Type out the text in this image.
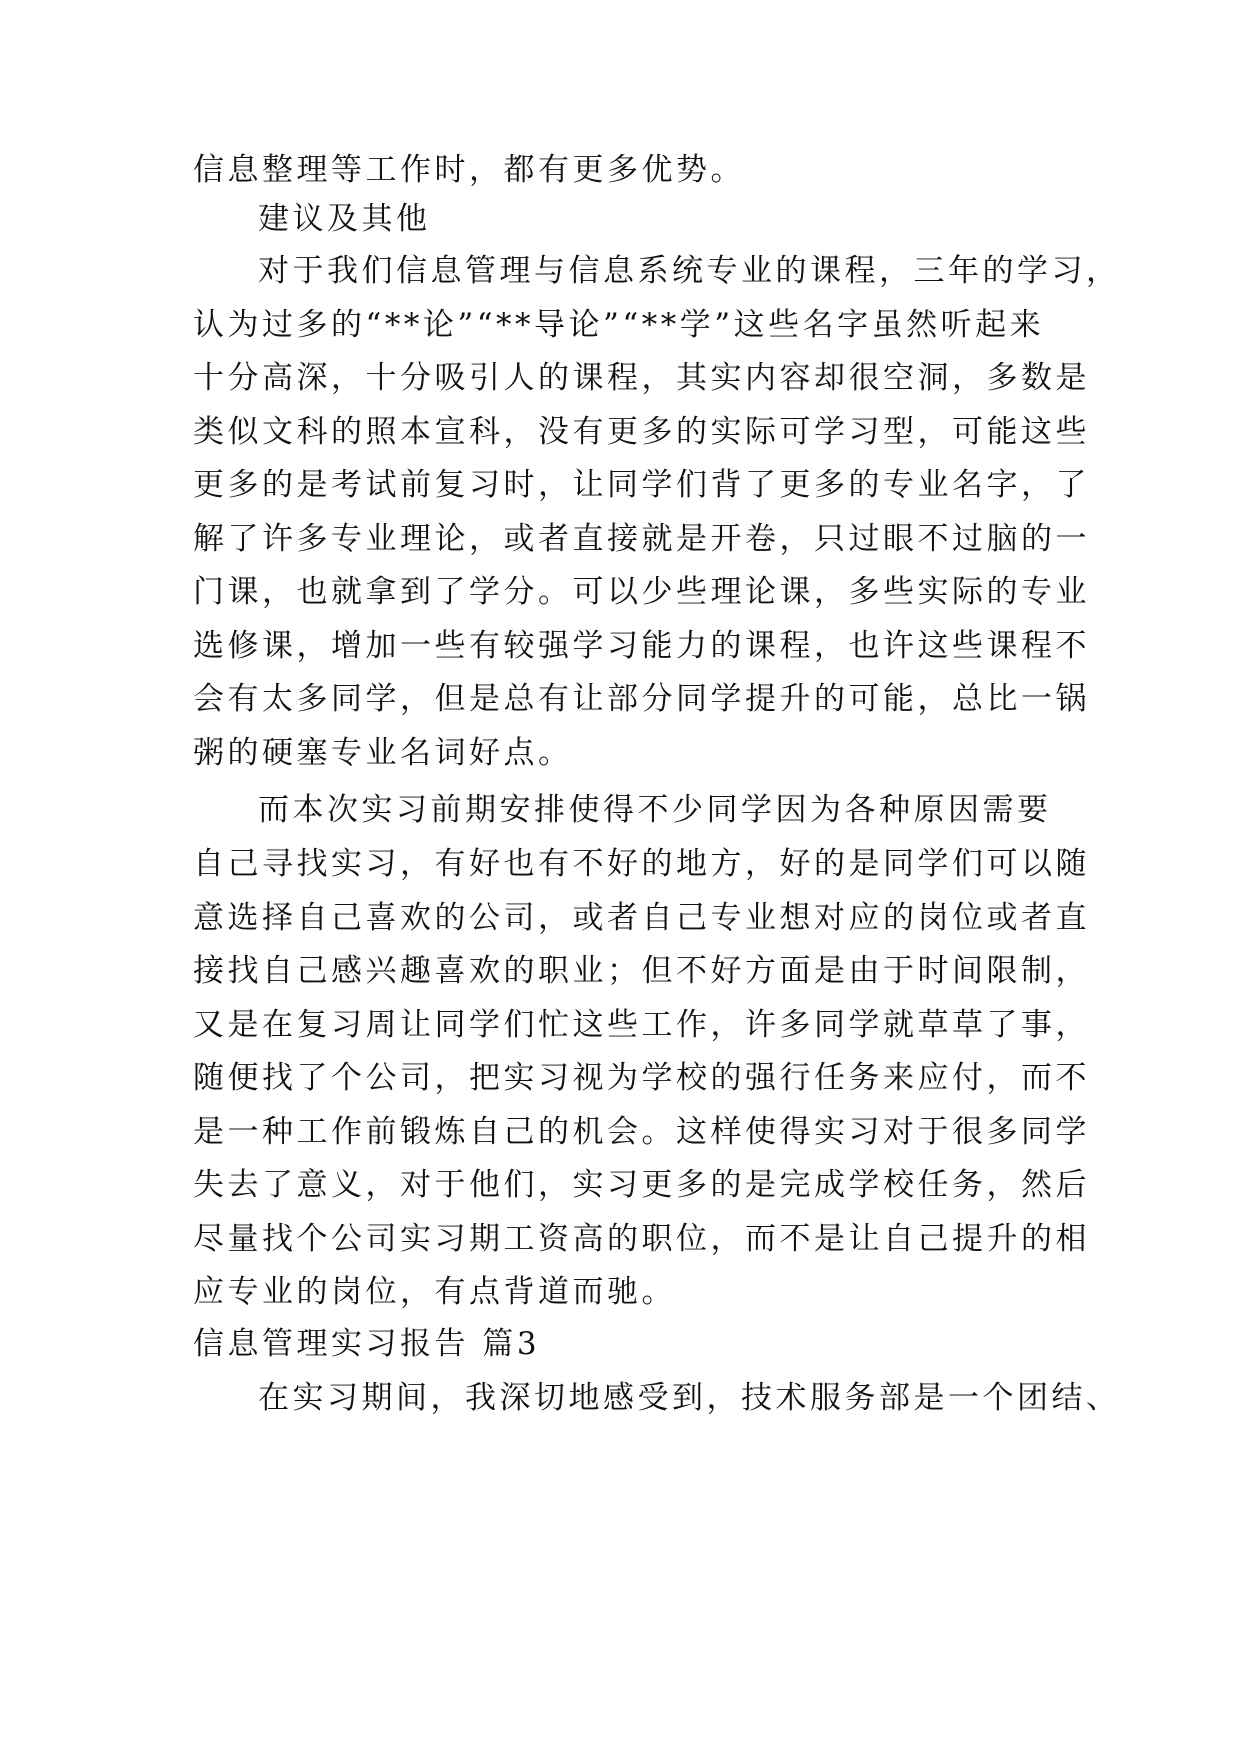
信息整理等工作时，都有更多优势。

建议及其他

对于我们信息管理与信息系统专业的课程，三年的学习，

认为过多的“**论”“**导论”“**学”这些名字虽然听起来

十分高深，十分吸引人的课程，其实内容却很空洞，多数是

类似文科的照本宣科，没有更多的实际可学习型，可能这些

更多的是考试前复习时，让同学们背了更多的专业名字，了

解了许多专业理论，或者直接就是开卷，只过眼不过脑的一

门课，也就拿到了学分。可以少些理论课，多些实际的专业

选修课，增加一些有较强学习能力的课程，也许这些课程不

会有太多同学，但是总有让部分同学提升的可能，总比一锅

粥的硬塞专业名词好点。

而本次实习前期安排使得不少同学因为各种原因需要

自己寻找实习，有好也有不好的地方，好的是同学们可以随

意选择自己喜欢的公司，或者自己专业想对应的岗位或者直

接找自己感兴趣喜欢的职业；但不好方面是由于时间限制，

又是在复习周让同学们忙这些工作，许多同学就草草了事，

随便找了个公司，把实习视为学校的强行任务来应付，而不

是一种工作前锻炼自己的机会。这样使得实习对于很多同学

失去了意义，对于他们，实习更多的是完成学校任务，然后

尽量找个公司实习期工资高的职位，而不是让自己提升的相

应专业的岗位，有点背道而驰。

信息管理实习报告 篇3

在实习期间，我深切地感受到，技术服务部是一个团结、
